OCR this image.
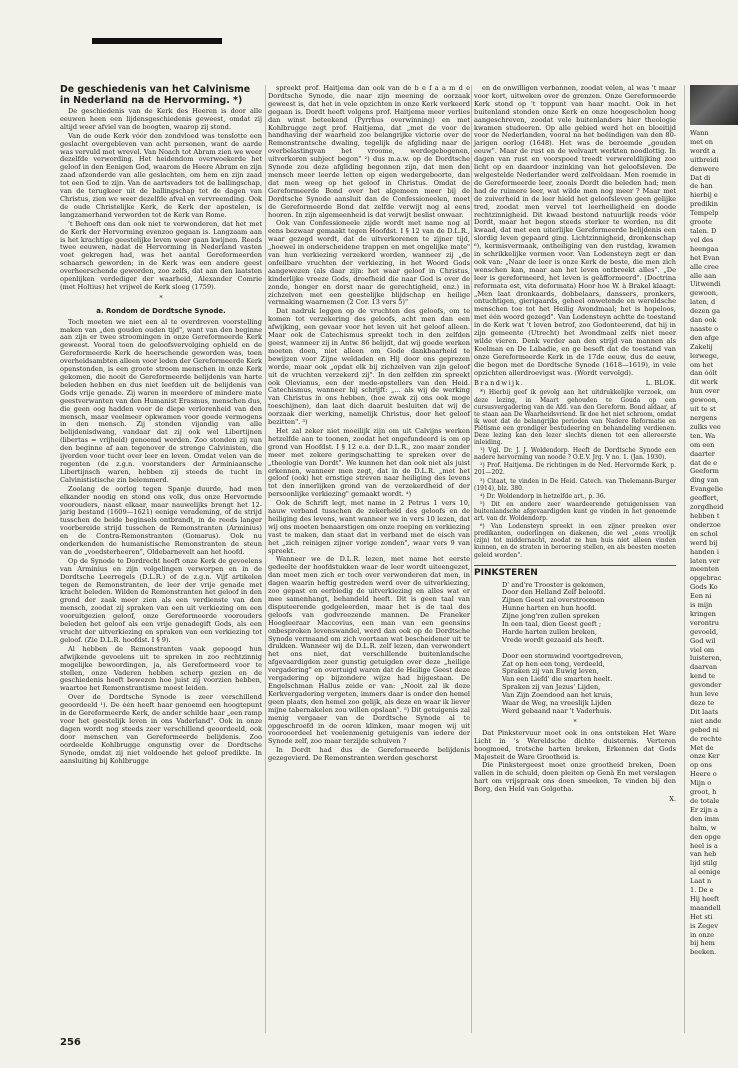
De geschiedenis van het Calvinisme in Nederland na de Hervorming. *)

De geschiedenis van de Kerk des Heeren is door alle eeuwen heen een lijdensgeschiedenis geweest, omdat zij altijd weer afviel van de boogten, waarop zij stond.

Van de oude Kerk vóór den zondvloed was tenslotte een geslacht overgebleven van acht personen, want de aarde was vervuld met wrevel. Van Noach tot Abram zien we weer dezelfde verwording. Het heidendom overwoekerde het geloof in den Eenigen God, waarom de Heere Abram en zijn zaad afzonderde van alle geslachten, om hem en zijn zaad tot een God te zijn. Van de aartsvaders tot de ballingschap, van de terugkeer uit de ballingschap tot de dagen van Christus, zien we weer dezelfde afval en vervreemding. Ook de oude Christelijke Kerk, de Kerk der apostelen, is langzamerhand verworden tot de Kerk van Rome.

't Behoeft ons dan ook niet te verwonderen, dat het met de Kerk der Hervorming evenzoo gegaan is. Langzaam aan is het krachtige geestelijke leven weer gaan kwijnen. Reeds twee eeuwen, nadat de Hervorming in Nederland vasten voet gekregen had, was het aantal Gereformeerden schaarsch geworden; in de Kerk was een andere geest overheerschende geworden, zoo zelfs, dat aan den laatsten openlijken verdediger der waarheid, Alexander Comrie (met Holtius) het vrijwel de Kerk sloeg (1759).

*
a. Rondom de Dordtsche Synode.

Toch moeten we niet een al te overdreven voorstelling maken van „den gouden ouden tijd", want van den beginne aan zijn er twee stroomingen in onze Gereformeerde Kerk geweest. Vooral toen de geloofsvervolging ophield en de Gereformeerde Kerk de heerschende geworden was, toen overheidsambten alleen voor leden der Gereformeerde Kerk openstonden, is een groote stroom menschen in onze Kerk gekomen, die nooit de Gereformeerde belijdenis van harte beleden hebben en dus niet leefden uit de belijdenis van Gods vrije genade. Zij waren in meerdere of mindere mate geestverwanten van den Humanist Erasmus, menschen dus, die geen oog hadden voor de diepe verlorenheid van den mensch, maar veelmeer opkwamen voor goede vermogens in den mensch. Zij stonden vijandig van alle belijdenisdwang, vandaar dat zij ook wel Libertijnen (libertas = vrijheid) genoemd werden. Zoo stonden zij van den beginne af aan tegenover de strenge Calvinisten, die ijverden voor tucht over leer en leven. Omdat velen van de regenten (de z.g.n. voorstanders der Arminiaansche Libertijnsch waren, hebben zij steeds de tucht in Calvinististische zin belemmerd.

Zoolang de oorlog tegen Spanje duurde, had men elkander noodig en stond ons volk, dus onze Hervormde voorouders, naast elkaar, maar nauwelijks brengt het 12-jarig bestand (1609—1621) eenige verademing, of de strijd tusschen de beide beginsels ontbrandt, in de reeds langer voorbereide strijd tusschen de Remonstranten (Arminius) en de Contra-Remonstranten (Gomarus). Ook nu onderkenden de humanistische Remonstranten de steun van de „voedsterheeren", Oldebarnevelt aan het hoofd.

Op de Synode te Dordrecht heeft onze Kerk de gevoelens van Arminius en zijn volgelingen verworpen en in de Dordtsche Leerregels (D.L.R.) of de z.g.n. Vijf artikelen tegen de Remonstranten, de leer der vrije genade met kracht beleden. Wilden de Remonstranten het geloof in den grond der zaak meer zien als een verdienste van den mensch, zoodat zij spraken van een uit verkiezing om een vooruitgezien geloof, onze Gereformeerde voorouders beleden het geloof als een vrije genadegift Gods, als een vrucht der uitverkiezing en spraken van een verkiezing tot geloof. (Zie D.L.R. hoofdst. I § 9).

Al hebben de Remonstranten vaak gepoogd hun afwijkende gevoelens uit te spreken in zoo rechtzinnig mogelijke bewoordingen, ja, als Gereformeerd voor te stellen, onze Vaderen hebben scherp gezien en de geschiedenis heeft bewezen hoe juist zij voorzien hebben, waartoe het Remonstrantisme moest leiden.

Over de Dordtsche Synode is zeer verschillend geoordeeld ¹). De één heeft haar genoemd een hoogtepunt in de Gereformeerde Kerk, de ander schilde haar „een ramp voor het geestelijk leven in ons Vaderland". Ook in onze dagen wordt nog steeds zeer verschillend geoordeeld, ook door menschen van Gereformeerde belijdenis. Zoo oordeelde Kohlbrugge ongunstig over de Dordtsche Synode, omdat zij niet voldoende het geloof predikte. In aansluiting bij Kohlbrugge

spreekt prof. Haitjema dan ook van de b e f a a m d e Dordtsche Synode, die naar zijn meening de oorzaak geweest is, dat het in vele opzichten in onze Kerk verkeerd gegaan is. Dordt heeft volgens prof. Haitjema meer verlies dan winst beteekend (Pyrrhus overwinning) en met Kohlbrugge zegt prof. Haitjema, dat „met de voor de handhaving der waarheid zoo belangrijke victorie over de Remonstrantsche dwaling, tegelijk de afgliding naar de overbelastingvan het vroome, werdegebogenen, uitverkoren subject begon" ²) dus m.a.w. op de Dordtsche Synode zou deze afgliding begonnen zijn, dat men den mensch meer leerde letten op eigen wedergeboorte, dan dat men weeg op het geloof in Christus. Omdat de Gereformeerde Bond over het algemeen meer bij de Dordtsche Synode aansluit dan de Confessioneelen, moet de Gereformeerde Bond dat zelfde verwijt nog al eens hooren. In zijn algemeenheid is dat verwijt beslist onwaar.

Ook van Confessioneele zijde wordt met name nog al eens bezwaar gemaakt tegen Hoofdst. I § 12 van de D.L.R., waar gezegd wordt, dat de uitverkorenen te zijner tijd, „hoewel in onderscheidene trappen en met ongelijke mate" van hun verkiezing verzekerd worden, wanneer zij „de onfeilbare vruchten der verkiezing, in het Woord Gods aangewezen (als daar zijn: het waar geloof in Christus, kinderlijke vreeze Gods, droefheid die naar God is over de zonde, honger en dorst naar de gerechtigheid, enz.) in zichzelven met een geestelijke blijdschap en heilige vermaking waarnemen (2 Cor. 13 vers 5)"

Dat nadruk leggen op de vruchten des geloofs, om te komen tot verzekering des geloofs, acht men dan een afwijking, een gevaar voor het leven uit het geloof alleen. Maar ook de Catechismus spreekt toch in den zelfden geest, wanneer zij in Antw. 86 belijdt, dat wij goede werken moeten doen, niet alleen om Gode dankbaarheid te bewijzen voor Zijne weldaden en Hij door ons geprezen worde, maar ook „opdat elk bij zichzelven van zijn geloof uit de vruchten verzekerd zij". In den zelfden zin spreekt ook Olevianus, een der mede-opstellers van den Heid. Catechismus, wanneer hij schrijft: „... als wij de werking van Christus in ons hebben, (hoe zwak zij ons ook moge toeschijnen), dan laat dich daaruit besluiten dat wij de oorzaak dier werking, namelijk Christus, door het geloof bezitten". ³)

Het zal zeker niet moeilijk zijn om uit Calvijns werken hetzelfde aan te toonen, zoodat het ongefundeerd is om op grond van Hoofdst. I § 12 e.a. der D.L.R., zoo maar zonder meer met zekere geringschatting te spreken over de „theologie van Dordt". We kunnen het dan ook niet als juist erkennen, wanneer men zegt, dat in de D.L.R. „met het geloof (ook) het ernstige streven naar heiliging des levens tot den innerlijken grond van de verzekerdheid of der persoonlijke verkiezing" gemaakt wordt. ⁴)

Ook de Schrift legt, met name in 2 Petrus 1 vers 10, nauw verband tusschen de zekerheid des geloofs en de heiliging des levens, want wanneer we in vers 10 lezen, dat wij ons moeten benaarstigen om onze roeping en verkiezing vast te maken, dan staat dat in verband met de eisch van het „zich reinigen zijner vorige zonden", waar vers 9 van spreekt.

Wanneer we de D.L.R. lezen, met name het eerste gedeelte der hoofdstukken waar de leer wordt uiteengezet, dan moet men zich er toch over verwonderen dat men, in dagen waarin heftig gestreden werd over de uitverkiezing, zoo gepast en eerbiedig de uitverkiezing en alles wat er mee samenhangt, behandeld heeft. Dit is geen taal van disputeerende godgeleerden, maar het is de taal des geloofs van godvreezende mannen. De Franeker Hoogleeraar Maccovius, een man van een geensins onbesproken levenswandel, werd dan ook op de Dordtsche Synode vermaand om zich voortaan wat bescheidener uit te drukken. Wanneer wij de D.L.R. zelf lezen, dan verwondert het ons niet, dat verschillende buitenlandsche afgevaardigden zeer gunstig getuigden over deze „heilige vergadering" en overtuigd waren dat de Heilige Geest deze vergadering op bijzondere wijze had bijgestaan. De Engelschman Hallus zeide er van: „Nooit zal ik deze Kerkvergadering vergeten, immers daar is onder den hemel geen plaats, den hemel zoo gelijk, als deze en waar ik liever mijne tabernakelen zou willen opslaan". ⁵) Dit getuigenis zal menig vergaaer van de Dordtsche Synode al te opgeschroefd in de ooren klinken, maar mogen wij uit voorooordeel het voelenmenig getuigenis van iedere der Synode zelf, zoo maar terzijde schuiven ?

In Dordt had dus de Gereformeerde belijdenis gezegevierd. De Remonstranten werden geschorst

en de onwilligen verbannen, zoodat velen, al was 't maar voor kort, uitweken over de grenzen. Onze Gereformeerde Kerk stond op 't toppunt van haar macht. Ook in het buitenland stonden onze Kerk en onze hoogescholen hoog aangeschreven, zoodat vele buitenlanders hier theologie kwamen studeeren. Op alle gebied werd het en bloeitijd voor de Nederlanden, vooral na het beëindigen van den 80-jarigen oorlog (1648). Het was de beroemde „gouden eeuw". Maar de rust en de welvaart werkten noodlottig. In dagen van rust en voorspoed treedt verwereldlijking zoo licht op en daardoor inzinking van het geloofsleven. De welgestelde Nederlander werd zelfvoldaan. Men roemde in de Gereformeerde leer, zooals Dordt die beleden had; men had de ruimere leer, wat wilde men nog meer ? Maar met de zuiverheid in de leer hield het geloofsleven geen gelijke tred, zoodat men vervel tot leerheiligheid en doode rechtzinnigheid. Dit kwaad bestond natuurlijk reeds vóór Dordt, maar het begon steeds sterker te worden, nu dit kwaad, dat met een uiterlijke Gereformeerde belijdenis een slordig leven gepaard ging. Lichtzinnigheid, dronkenschap ⁶), kermisvermaak, ontheiliging van den rustdag, kwamen in schrikkelijke vormen voor. Van Lodensteyn zegt er dan ook van: „Naar de leer is onze Kerk de beste, die men zich wenschen kan, maar aan het leven ontbreekt alles". „De leer is gereformeerd, het leven is geäfformeerd". (Doctrina reformata est, vita deformata) Hoor hoe W. à Brakel klaagt: „Men laat dronkaards, dobbelaars, danssers, pronkers, ontuchtigen, gierigaards, geheel onwetende en wereldsche menschen toe tot het Heilig Avondmaal; het is hopeloos, met één woord gezegd". Van Lodensteyn achtte de toestand in de Kerk wat 't leven betrof, zoo Godonteerend, dat hij in zijn gemeente (Utrecht) het Avondmaal zelfs niet meer wilde vieren. Denk verder aan den strijd van mannen als Koelman en De Labadie, en ge beseft dat de toestand van onze Gereformeerde Kerk in de 17de eeuw, dus de eeuw, die begon met de Dordtsche Synode (1618—1619), in vele opzichten allerdroevigst was. (Wordt vervolgd).

Brandwijk.	L. BLOK.

*) Hierbij geef ik gevolg aan het uitdrukkelijke verzoek, om deze lezing, in Maart gehouden te Gouda op een cursusvergadering van de Afd. van den Gereform. Bond aldaar, af te staan aan De Waarheidsvriend. Ik doe het niet schroom, omdat ik weet dat de belangrijke perioden van Nadere Reformatie en Piëtisme een grondiger bestudeering en behandeling verdienen. Deze lezing kan den lezer slechts dienen tot een allereerste inleiding.

¹) Vgl. Dr. J. J. Woldendorp. Heeft de Dordtsche Synode een nadere hervorming van noode ? O.E.V. Jrg. V no. 1. (Jan. 1930).

²) Prof. Haitjema. De richtingen in de Ned. Hervormde Kerk, p. 201—202.

³) Citaat, te vinden in De Heid. Catech. van Thelemann-Burger (1914), blz. 380.

⁴) Dr. Woldendorp in hetzelfde art., p. 36.

⁵) Dit en andere zeer waardeerende getuigenissen van buitenlandsche afgevaardigden kunt ge vinden in het genoemde art. van dr. Woldendorp.

⁶) Van Lodensteyn spreekt in een zijner preeken over predikanten, ouderlingen en diakenen, die wel „eens vroolijk (zijn) tot middernacht, zoodat ze hun huis niet alleen vinden kunnen, en de straten in beroering stellen, en als beesten moeten geleid worden".

PINKSTEREN
D' and're Trooster is gekomen,
Door den Helland Zelf beloofd.
Zijnen Geest zal overstroomen
Hunne harten en hun hoofd.
Zijne jong'ren zullen spreken
In een taal, dien Geest geeft ;
Harde harten zullen breken,
Vrede wordt gezaaid als heeft.

Door een stormwind voortgedreven,
Zat op hen een tong, verdeeld,
Spraken zij van Euwig leven,
Van een Liefd' die smarten heelt.
Spraken zij van Jezus' Lijden,
Van Zijn Zoendood aan het kruis,
Waar de Weg, na vreeslijk Lijden
Werd gebaand naar 't Vaderhuis.
*

Dat Pinkstervuur moet ook in ons ontsteken Het Ware Licht in 's Wereldsche dichte duisternis. Verteren hoogmoed, trotsche harten breken, Erkennen dat Gods Majesteit de Ware Grootheid is.

Die Pinkstergeest moet onze grootheid breken, Doen vallen in de schuld, doen pleiten op Genâ En met verslagen hart om vrijspraak ons doen smeeken, Te vinden bij den Borg, den Held van Golgotha.

X.

Wann

met en

wordt a

uitbreidi

denwere

Dat di

de han

hierbij e

predikin

Tempelp

groote

talen. D

vel des

heengaa

het Evan

alle cree

alle aan

Uitwendi

gewoon,

laten, d

dezen ga

dan ook

naaste o

den afge

Zakelij

lerwege,

om het

dan óólt

dit werk

hun over

gewoon,

uit te st

nergens

zulks vee

ten. Wa

om een

daarter

dat de e

Geeform

ding van

Evangelie

geoffert,

zorgdheid

hebben t

onderzoe

en schol

werd bij

handen i

laten ver

meenten

opgebrac

Gods Ko

Een ni

is mijn

kringen

verontru

gevoeld,

God wil

viel om

luisteren,

daarvan

kend te

gevonder

hun leve

deze te

Dit laats

niet ande

gebed ni

de rechte

Met de

onze Ker

op ons

Heere o

Mijn o

groot, h

de totale

Er zijn a

den imm

halm, w

den opge

heel is a

van heb

lijd stilg

al eenige

Laat n

1. De e

Hij heeft

maandell

Het sti

is Zegev

in onze

bij hem

beeken.

256
